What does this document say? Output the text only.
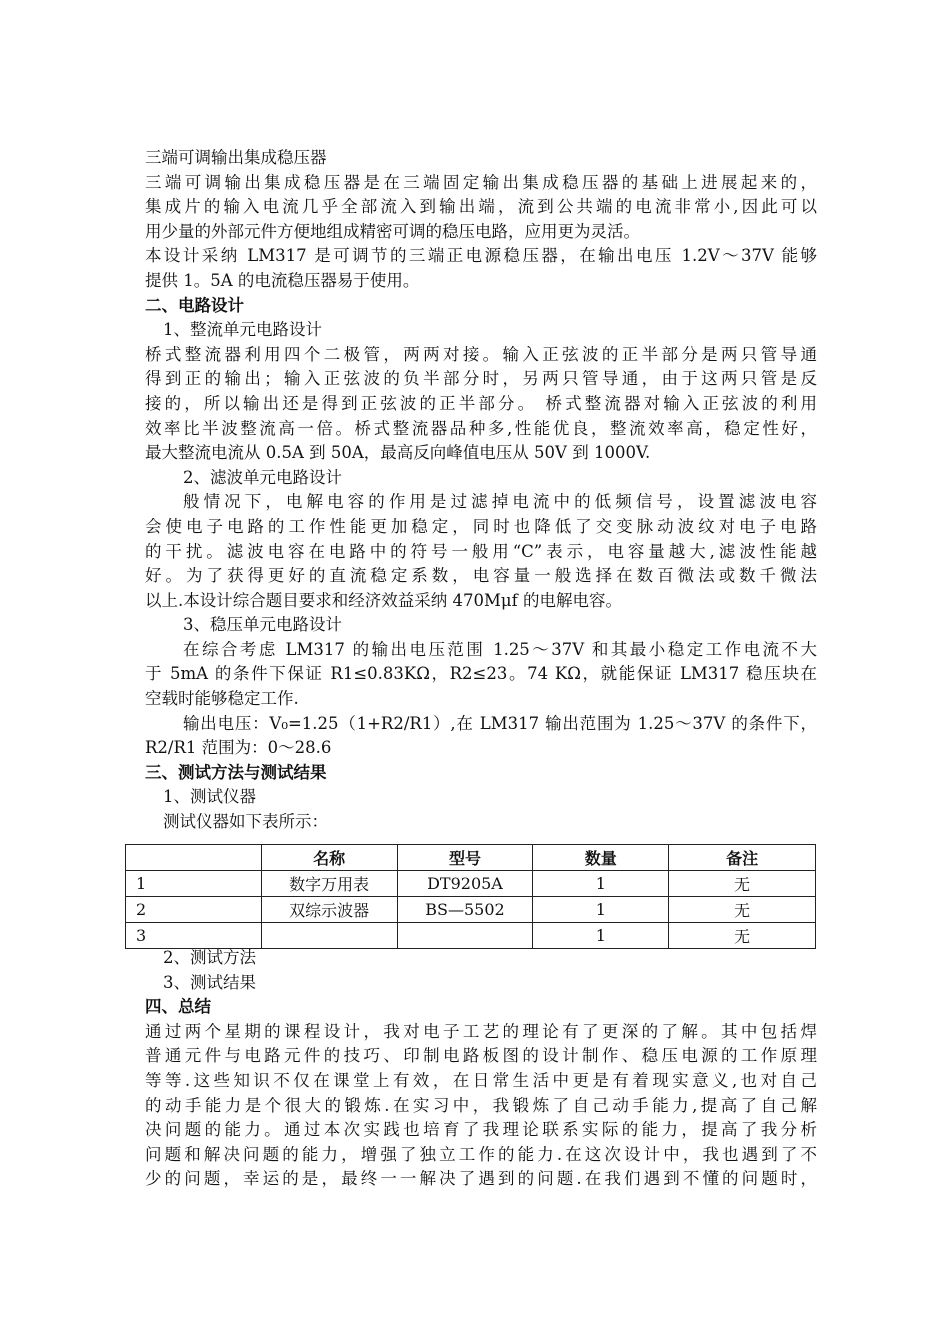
三端可调输出集成稳压器
三端可调输出集成稳压器是在三端固定输出集成稳压器的基础上进展起来的，
集成片的输入电流几乎全部流入到输出端，流到公共端的电流非常小,因此可以
用少量的外部元件方便地组成精密可调的稳压电路，应用更为灵活。
本设计采纳 LM317 是可调节的三端正电源稳压器，在输出电压 1.2V～37V 能够
提供 1。5A 的电流稳压器易于使用。
二、电路设计
1、整流单元电路设计
桥式整流器利用四个二极管，两两对接。输入正弦波的正半部分是两只管导通
得到正的输出；输入正弦波的负半部分时，另两只管导通，由于这两只管是反
接的，所以输出还是得到正弦波的正半部分。 桥式整流器对输入正弦波的利用
效率比半波整流高一倍。桥式整流器品种多,性能优良，整流效率高，稳定性好，
最大整流电流从 0.5A 到 50A，最高反向峰值电压从 50V 到 1000V.
2、滤波单元电路设计
般情况下，电解电容的作用是过滤掉电流中的低频信号，设置滤波电容
会使电子电路的工作性能更加稳定，同时也降低了交变脉动波纹对电子电路
的干扰。滤波电容在电路中的符号一般用“C”表示，电容量越大,滤波性能越
好。为了获得更好的直流稳定系数，电容量一般选择在数百微法或数千微法
以上.本设计综合题目要求和经济效益采纳 470Mμf 的电解电容。
3、稳压单元电路设计
在综合考虑 LM317 的输出电压范围 1.25～37V 和其最小稳定工作电流不大
于 5mA 的条件下保证 R1≤0.83KΩ，R2≤23。74 KΩ，就能保证 LM317 稳压块在
空载时能够稳定工作.
输出电压：V₀=1.25（1+R2/R1）,在 LM317 输出范围为 1.25～37V 的条件下，
R2/R1 范围为：0～28.6
三、测试方法与测试结果
1、测试仪器
测试仪器如下表所示：
	名称	型号	数量	备注
1	数字万用表	DT9205A	1	无
2	双综示波器	BS—5502	1	无
3			1	无
2、测试方法
3、测试结果
四、总结
通过两个星期的课程设计，我对电子工艺的理论有了更深的了解。其中包括焊
普通元件与电路元件的技巧、印制电路板图的设计制作、稳压电源的工作原理
等等.这些知识不仅在课堂上有效，在日常生活中更是有着现实意义,也对自己
的动手能力是个很大的锻炼.在实习中，我锻炼了自己动手能力,提高了自己解
决问题的能力。通过本次实践也培育了我理论联系实际的能力，提高了我分析
问题和解决问题的能力，增强了独立工作的能力.在这次设计中，我也遇到了不
少的问题，幸运的是，最终一一解决了遇到的问题.在我们遇到不懂的问题时，
